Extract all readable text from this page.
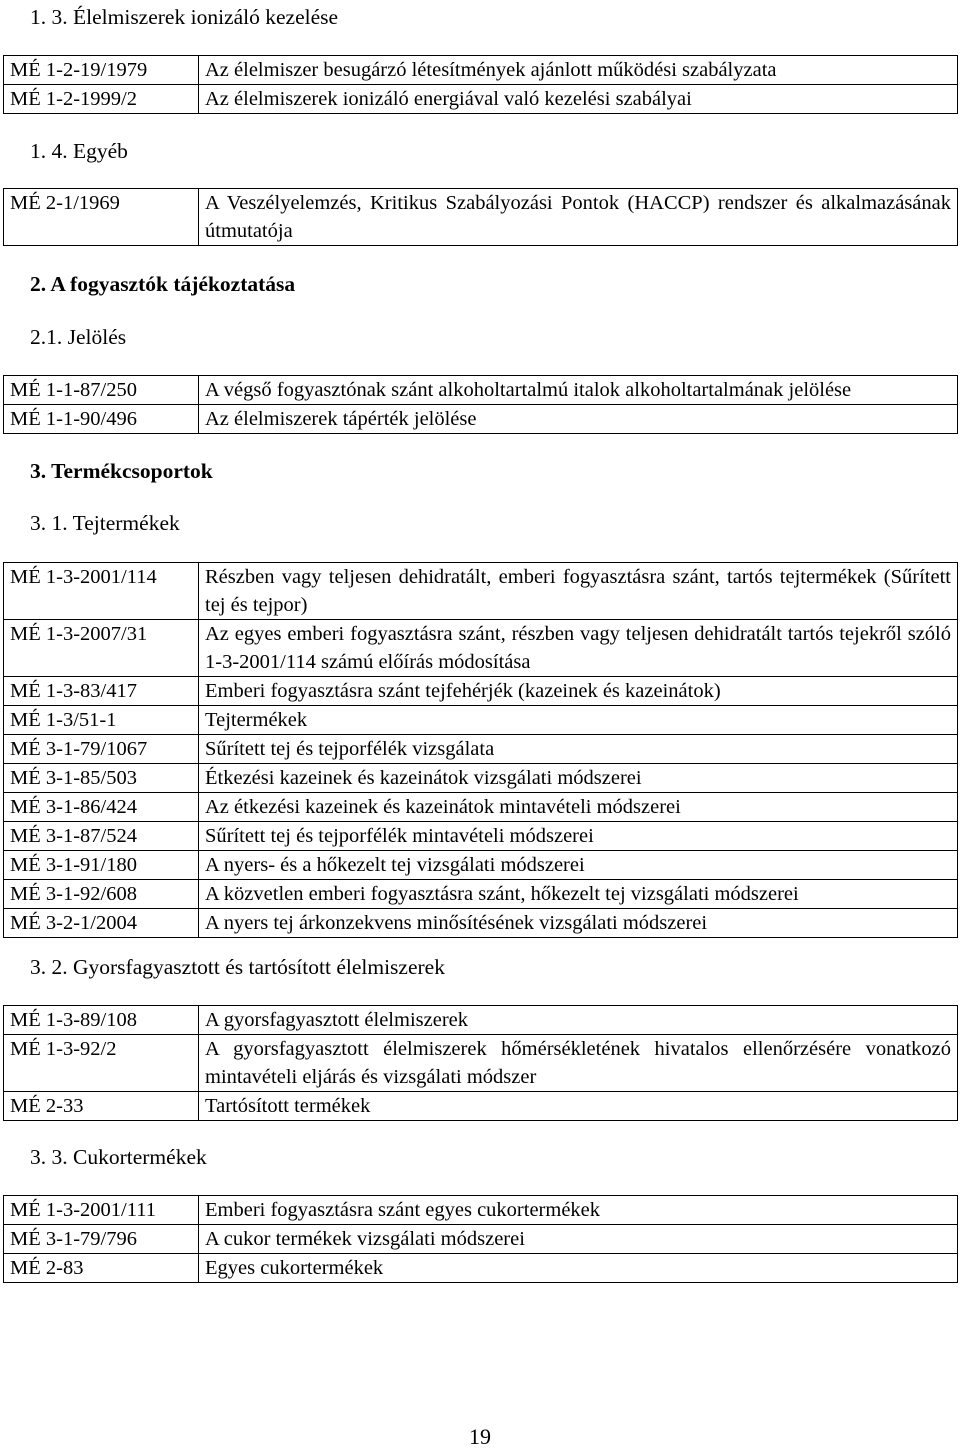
1. 3. Élelmiszerek ionizáló kezelése
MÉ 1-2-19/1979	Az élelmiszer besugárzó létesítmények ajánlott működési szabályzata
MÉ 1-2-1999/2	Az élelmiszerek ionizáló energiával való kezelési szabályai
1. 4. Egyéb
MÉ 2-1/1969	A Veszélyelemzés, Kritikus Szabályozási Pontok (HACCP) rendszer és alkalmazásának útmutatója
2. A fogyasztók tájékoztatása
2.1. Jelölés
MÉ 1-1-87/250	A végső fogyasztónak szánt alkoholtartalmú italok alkoholtartalmának jelölése
MÉ 1-1-90/496	Az élelmiszerek tápérték jelölése
3. Termékcsoportok
3. 1. Tejtermékek
MÉ 1-3-2001/114	Részben vagy teljesen dehidratált, emberi fogyasztásra szánt, tartós tejtermékek (Sűrített tej és tejpor)
MÉ 1-3-2007/31	Az egyes emberi fogyasztásra szánt, részben vagy teljesen dehidratált tartós tejekről szóló 1-3-2001/114 számú előírás módosítása
MÉ 1-3-83/417	Emberi fogyasztásra szánt tejfehérjék (kazeinek és kazeinátok)
MÉ 1-3/51-1	Tejtermékek
MÉ 3-1-79/1067	Sűrített tej és tejporfélék vizsgálata
MÉ 3-1-85/503	Étkezési kazeinek és kazeinátok vizsgálati módszerei
MÉ 3-1-86/424	Az étkezési kazeinek és kazeinátok mintavételi módszerei
MÉ 3-1-87/524	Sűrített tej és tejporfélék mintavételi módszerei
MÉ 3-1-91/180	A nyers- és a hőkezelt tej vizsgálati módszerei
MÉ 3-1-92/608	A közvetlen emberi fogyasztásra szánt, hőkezelt tej vizsgálati módszerei
MÉ 3-2-1/2004	A nyers tej árkonzekvens minősítésének vizsgálati módszerei
3. 2. Gyorsfagyasztott és tartósított élelmiszerek
MÉ 1-3-89/108	A gyorsfagyasztott élelmiszerek
MÉ 1-3-92/2	A gyorsfagyasztott élelmiszerek hőmérsékletének hivatalos ellenőrzésére vonatkozó mintavételi eljárás és vizsgálati módszer
MÉ 2-33	Tartósított termékek
3. 3. Cukortermékek
MÉ 1-3-2001/111	Emberi fogyasztásra szánt egyes cukortermékek
MÉ 3-1-79/796	A cukor termékek vizsgálati módszerei
MÉ 2-83	Egyes cukortermékek
19
